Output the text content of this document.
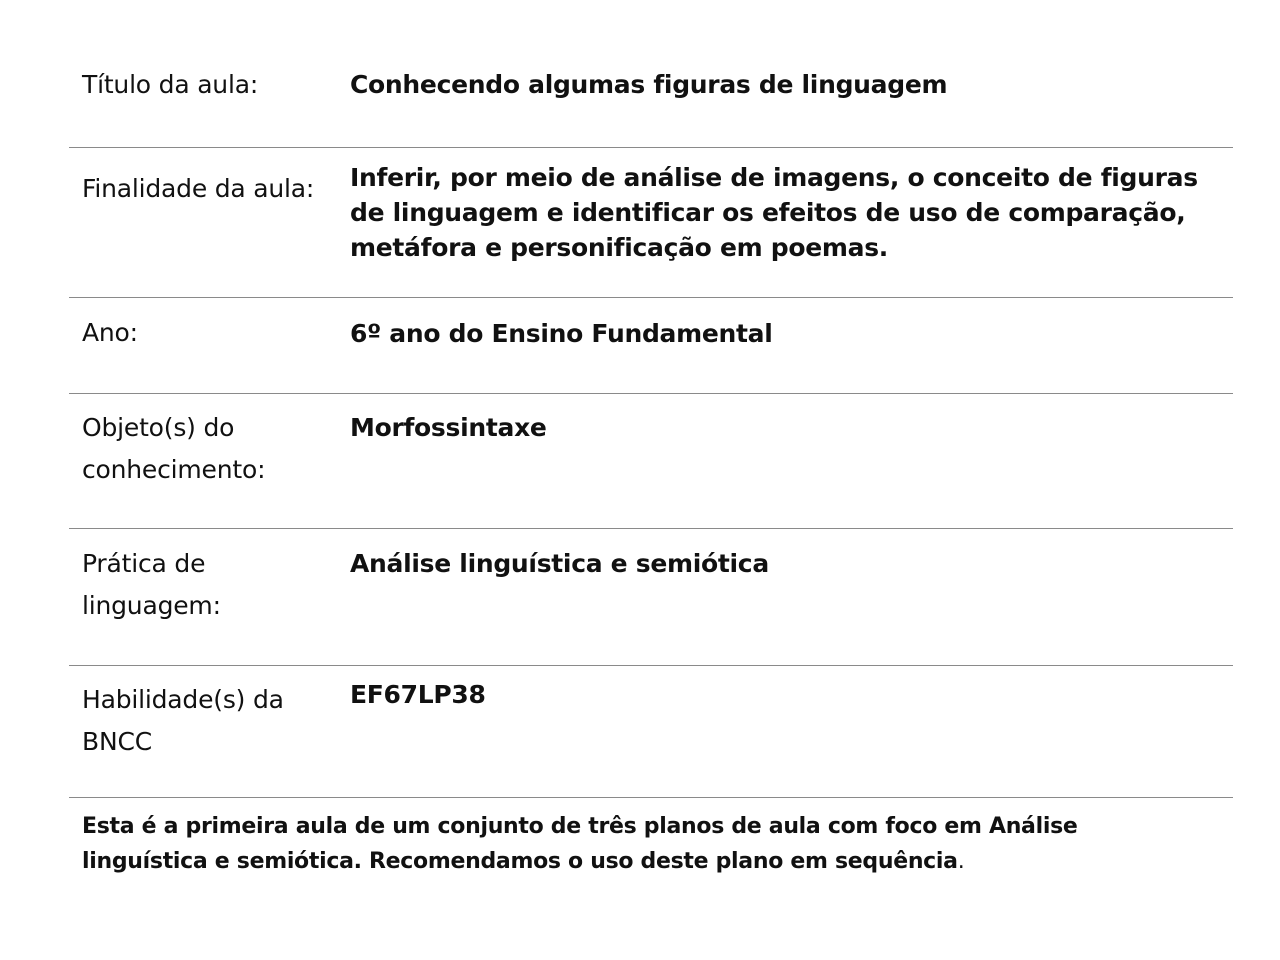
Título da aula:	Conhecendo algumas figuras de linguagem
Finalidade da aula:	Inferir, por meio de análise de imagens, o conceito de figuras de linguagem e identificar os efeitos de uso de comparação, metáfora e personificação em poemas.
Ano:	6º ano do Ensino Fundamental
Objeto(s) do conhecimento:	Morfossintaxe
Prática de linguagem:	Análise linguística e semiótica
Habilidade(s) da BNCC	EF67LP38
Esta é a primeira aula de um conjunto de três planos de aula com foco em Análise linguística e semiótica. Recomendamos o uso deste plano em sequência.
